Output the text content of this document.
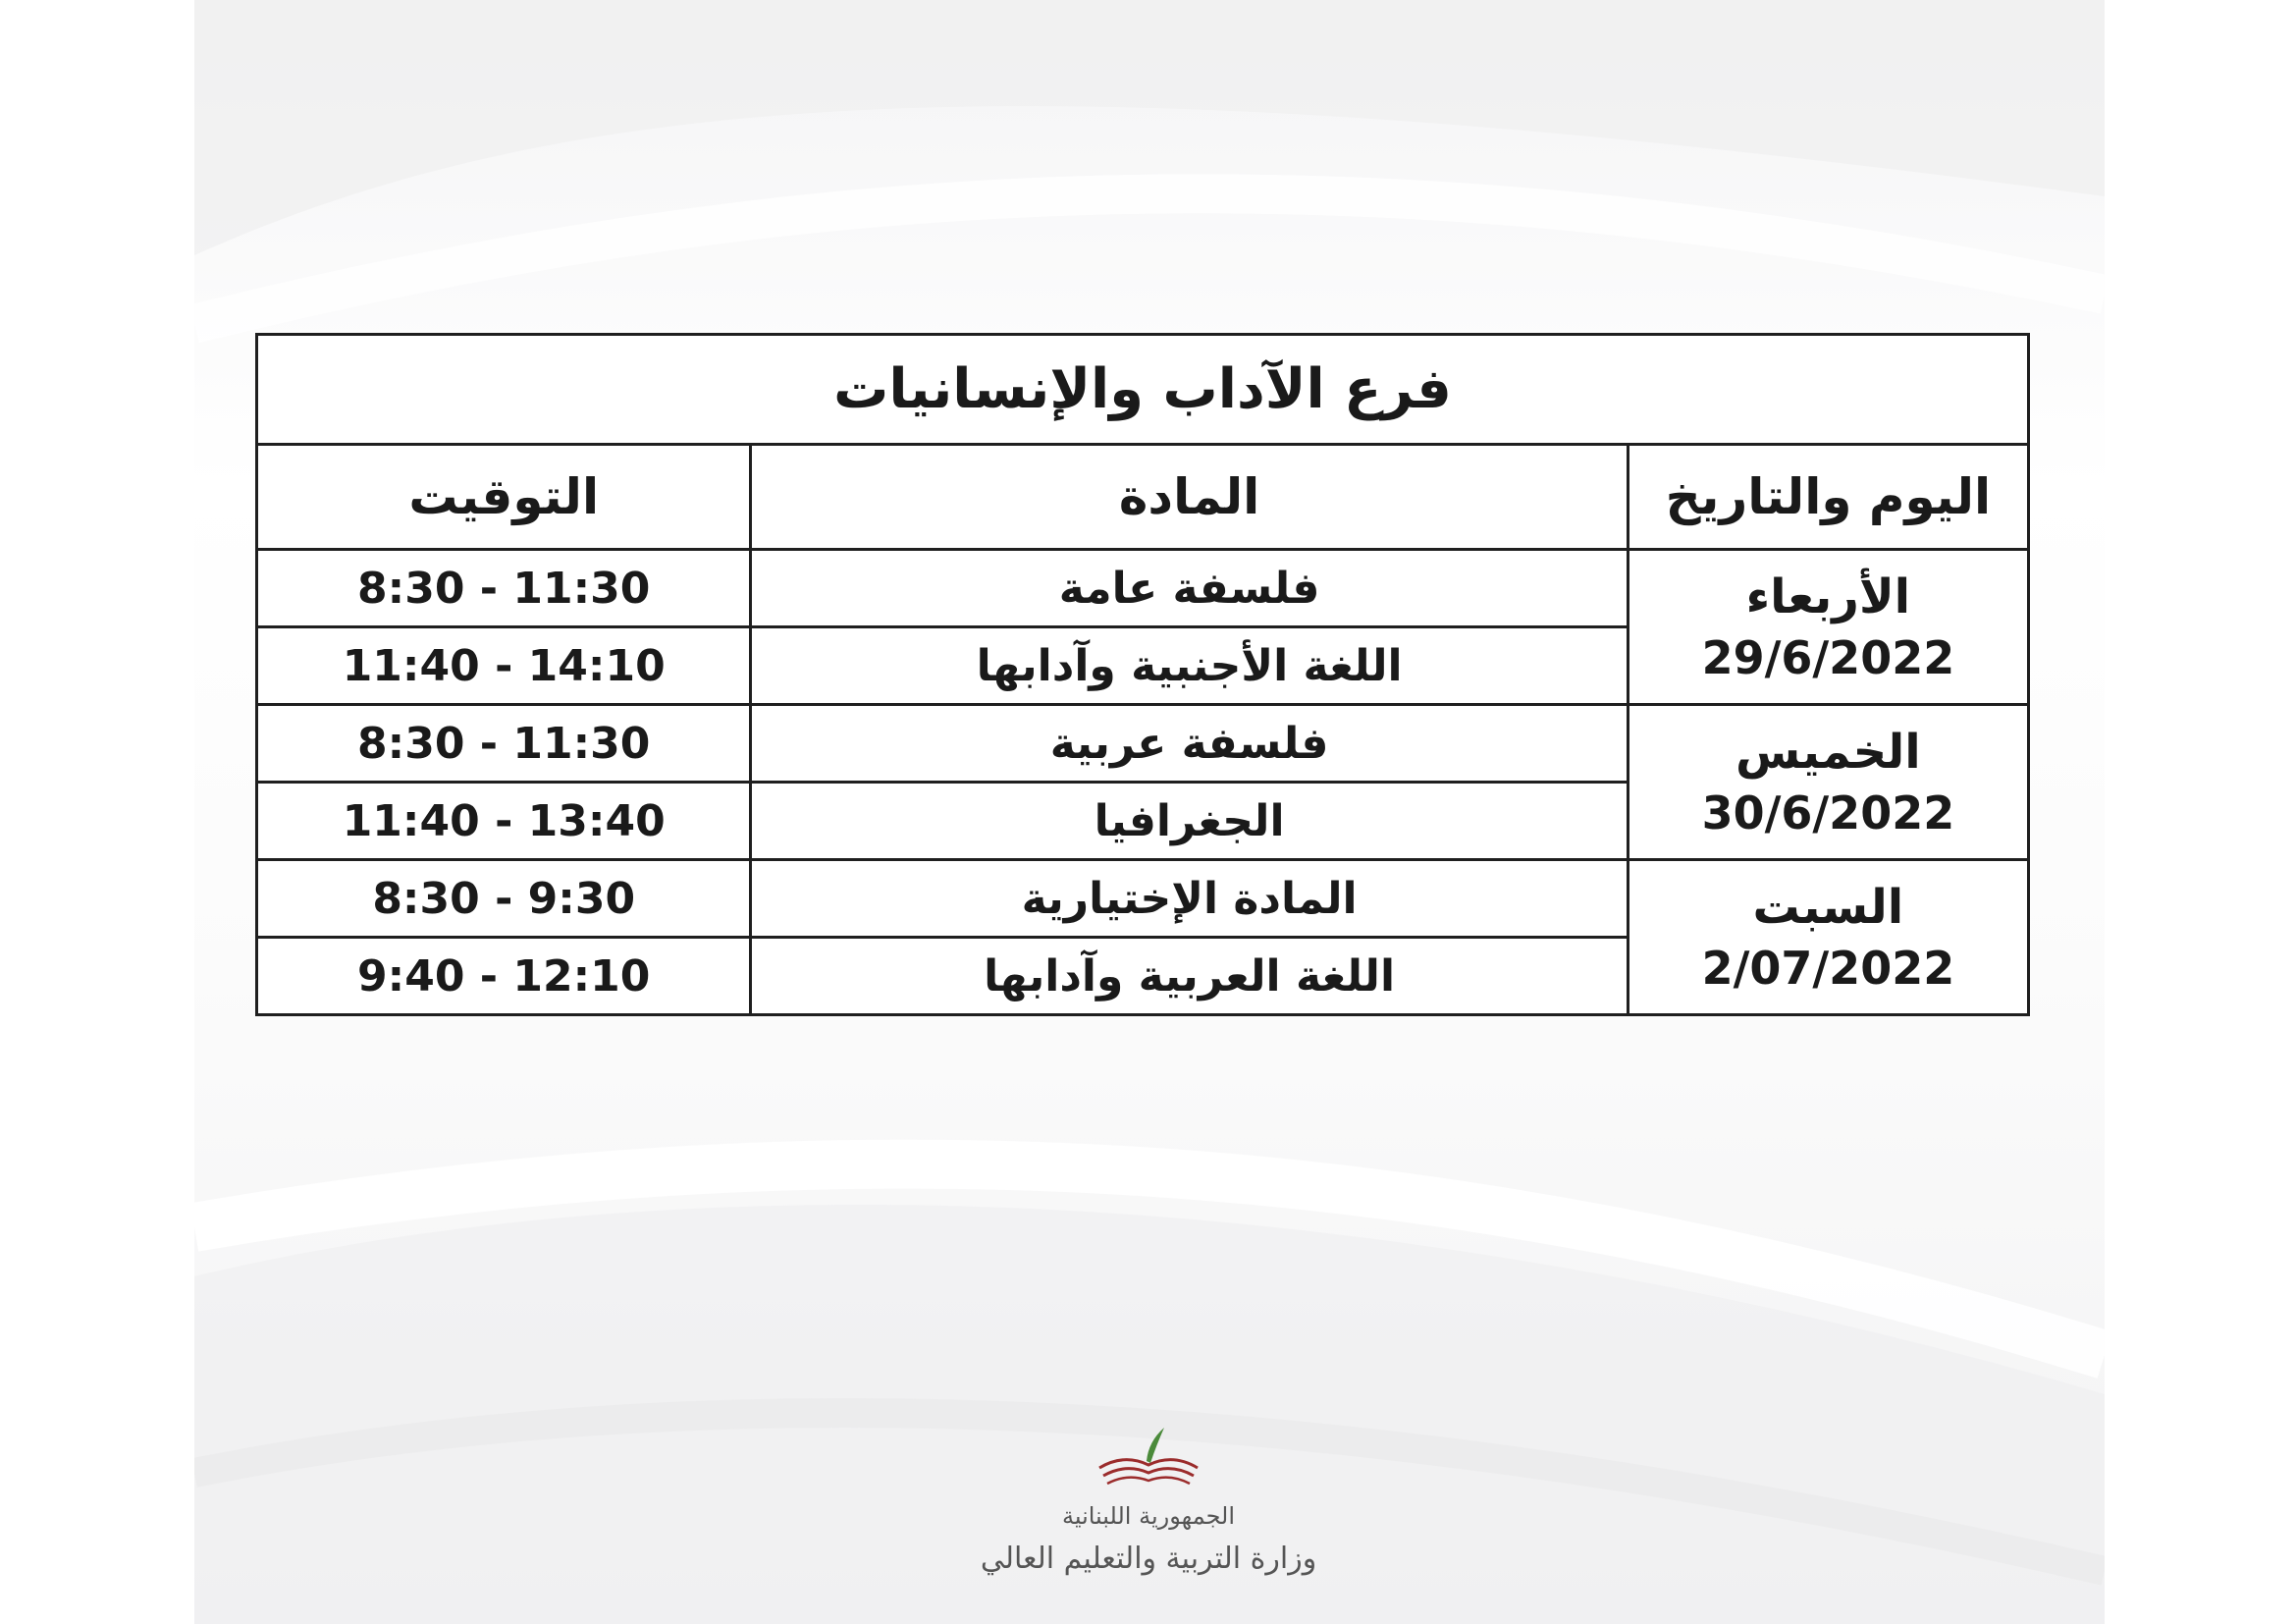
فرع الآداب والإنسانيات		
اليوم والتاريخ	المادة	التوقيت

الأربعاء
29/6/2022	فلسفة عامة	8:30 - 11:30
	اللغة الأجنبية وآدابها	11:40 - 14:10

الخميس
30/6/2022	فلسفة عربية	8:30 - 11:30
	الجغرافيا	11:40 - 13:40

السبت
2/07/2022	المادة الإختيارية	8:30 - 9:30
	اللغة العربية وآدابها	9:40 - 12:10
الجمهورية اللبنانية
وزارة التربية والتعليم العالي
